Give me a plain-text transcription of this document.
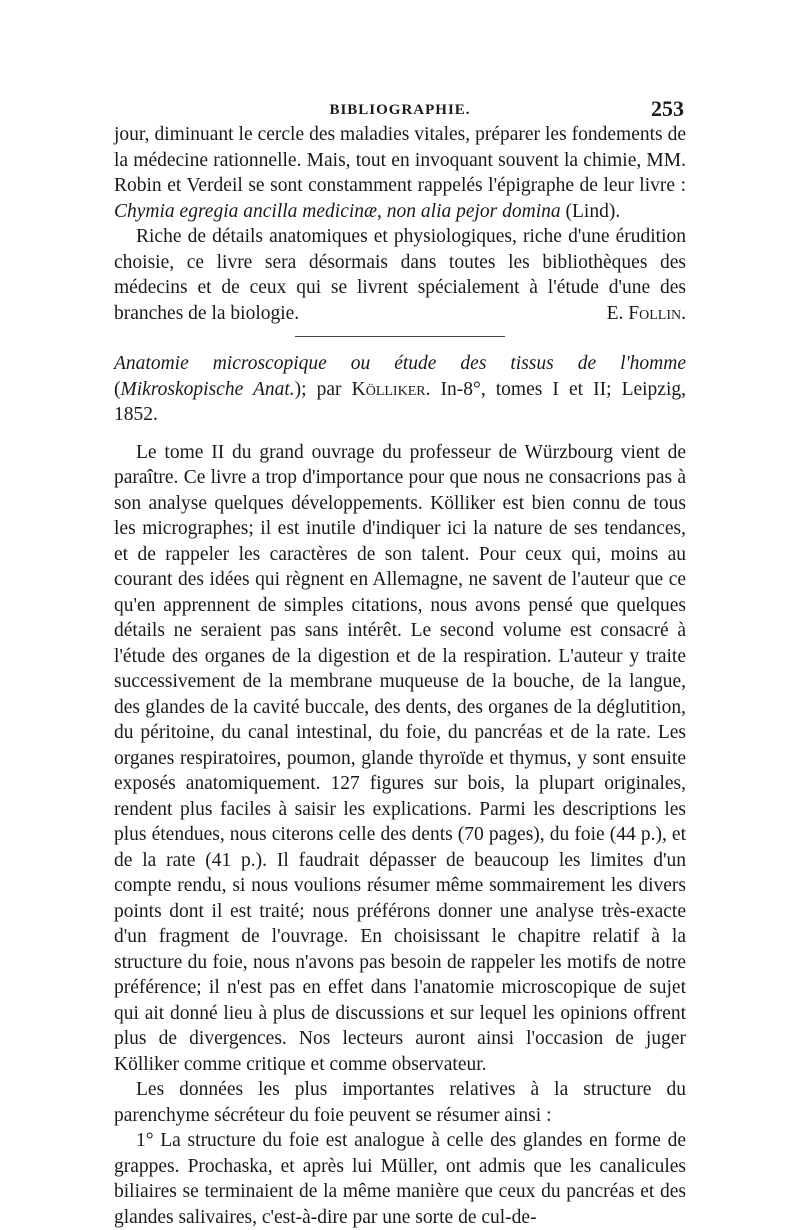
BIBLIOGRAPHIE.	253

jour, diminuant le cercle des maladies vitales, préparer les fondements de la médecine rationnelle. Mais, tout en invoquant souvent la chimie, MM. Robin et Verdeil se sont constamment rappelés l'épigraphe de leur livre : Chymia egregia ancilla medicinæ, non alia pejor domina (Lind).

Riche de détails anatomiques et physiologiques, riche d'une érudition choisie, ce livre sera désormais dans toutes les bibliothèques des médecins et de ceux qui se livrent spécialement à l'étude d'une des branches de la biologie.	E. Follin.
Anatomie microscopique ou étude des tissus de l'homme (Mikroskopische Anat.); par Kölliker. In-8°, tomes I et II; Leipzig, 1852.

Le tome II du grand ouvrage du professeur de Würzbourg vient de paraître. Ce livre a trop d'importance pour que nous ne consacrions pas à son analyse quelques développements. Kölliker est bien connu de tous les micrographes; il est inutile d'indiquer ici la nature de ses tendances, et de rappeler les caractères de son talent. Pour ceux qui, moins au courant des idées qui règnent en Allemagne, ne savent de l'auteur que ce qu'en apprennent de simples citations, nous avons pensé que quelques détails ne seraient pas sans intérêt. Le second volume est consacré à l'étude des organes de la digestion et de la respiration. L'auteur y traite successivement de la membrane muqueuse de la bouche, de la langue, des glandes de la cavité buccale, des dents, des organes de la déglutition, du péritoine, du canal intestinal, du foie, du pancréas et de la rate. Les organes respiratoires, poumon, glande thyroïde et thymus, y sont ensuite exposés anatomiquement. 127 figures sur bois, la plupart originales, rendent plus faciles à saisir les explications. Parmi les descriptions les plus étendues, nous citerons celle des dents (70 pages), du foie (44 p.), et de la rate (41 p.). Il faudrait dépasser de beaucoup les limites d'un compte rendu, si nous voulions résumer même sommairement les divers points dont il est traité; nous préférons donner une analyse très-exacte d'un fragment de l'ouvrage. En choisissant le chapitre relatif à la structure du foie, nous n'avons pas besoin de rappeler les motifs de notre préférence; il n'est pas en effet dans l'anatomie microscopique de sujet qui ait donné lieu à plus de discussions et sur lequel les opinions offrent plus de divergences. Nos lecteurs auront ainsi l'occasion de juger Kölliker comme critique et comme observateur.

Les données les plus importantes relatives à la structure du parenchyme sécréteur du foie peuvent se résumer ainsi :

1° La structure du foie est analogue à celle des glandes en forme de grappes. Prochaska, et après lui Müller, ont admis que les canalicules biliaires se terminaient de la même manière que ceux du pancréas et des glandes salivaires, c'est-à-dire par une sorte de cul-de-
